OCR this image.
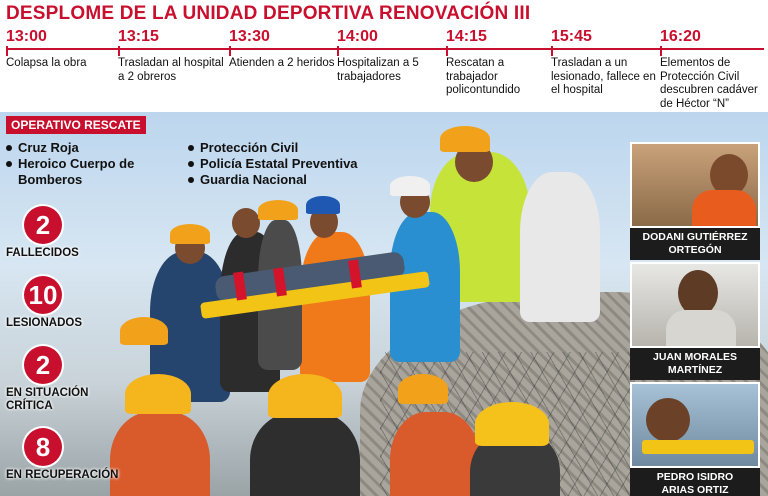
DESPLOME DE LA UNIDAD DEPORTIVA RENOVACIÓN III
13:00
Colapsa la obra
13:15
Trasladan al hospital a 2 obreros
13:30
Atienden a 2 heridos
14:00
Hospitalizan a 5 trabajadores
14:15
Rescatan a trabajador policontundido
15:45
Trasladan a un lesionado, fallece en el hospital
16:20
Elementos de Protección Civil descubren cadáver de Héctor “N”
OPERATIVO RESCATE
Cruz Roja
Heroico Cuerpo de
Bomberos
Protección Civil
Policía Estatal Preventiva
Guardia Nacional
2
FALLECIDOS
10
LESIONADOS
2
EN SITUACIÓN
CRÍTICA
8
EN RECUPERACIÓN
DODANI GUTIÉRREZ
ORTEGÓN
JUAN MORALES
MARTÍNEZ
PEDRO ISIDRO
ARIAS ORTIZ
